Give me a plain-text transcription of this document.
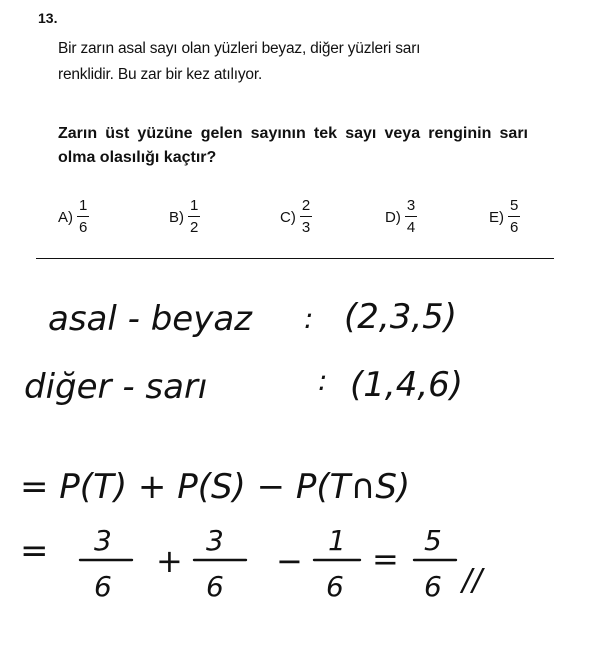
13.
Bir zarın asal sayı olan yüzleri beyaz, diğer yüzleri sarı
renklidir. Bu zar bir kez atılıyor.
Zarın üst yüzüne gelen sayının tek sayı veya renginin sarı olma olasılığı kaçtır?
$A) \frac{1}{6}$	$B) \frac{1}{2}$	$C) \frac{2}{3}$	$D) \frac{3}{4}$	$E) \frac{5}{6}$
asal - beyaz : (2,3,5)
diğer - sarı	: (1,4,6)
= P(T) + P(S) − P(T∩S)
= 3
6
+
3
6
−
1
6
= 5
6 //
